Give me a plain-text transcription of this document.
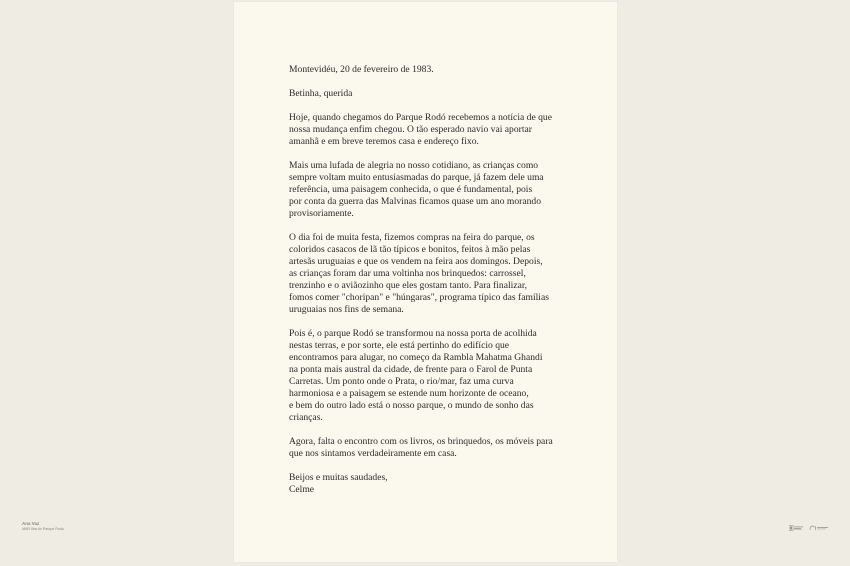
Montevidéu, 20 de fevereiro de 1983.

Betinha, querida

Hoje, quando chegamos do Parque Rodó recebemos a notícia de que
nossa mudança enfim chegou. O tão esperado navio vai aportar
amanhã e em breve teremos casa e endereço fixo.

Mais uma lufada de alegria no nosso cotidiano, as crianças como
sempre voltam muito entusiasmadas do parque, já fazem dele uma
referência, uma paisagem conhecida, o que é fundamental, pois
por conta da guerra das Malvinas ficamos quase um ano morando
provisoriamente.

O dia foi de muita festa, fizemos compras na feira do parque, os
coloridos casacos de lã tão típicos e bonitos, feitos à mão pelas
artesãs uruguaias e que os vendem na feira aos domingos. Depois,
as crianças foram dar uma voltinha nos brinquedos: carrossel,
trenzinho e o aviãozinho que eles gostam tanto. Para finalizar,
fomos comer "choripan" e "húngaras", programa típico das famílias
uruguaias nos fins de semana.

Pois é, o parque Rodó se transformou na nossa porta de acolhida
nestas terras, e por sorte, ele está pertinho do edifício que
encontramos para alugar, no começo da Rambla Mahatma Ghandi
na ponta mais austral da cidade, de frente para o Farol de Punta
Carretas. Um ponto onde o Prata, o rio/mar, faz uma curva
harmoniosa e a paisagem se estende num horizonte de oceano,
e bem do outro lado está o nosso parque, o mundo de sonho das
crianças.

Agora, falta o encontro com os livros, os brinquedos, os móveis para
que nos sintamos verdadeiramente em casa.

Beijos e muitas saudades,
Celme

Ana Vaz
MAR Ilha do Parque Rodó
